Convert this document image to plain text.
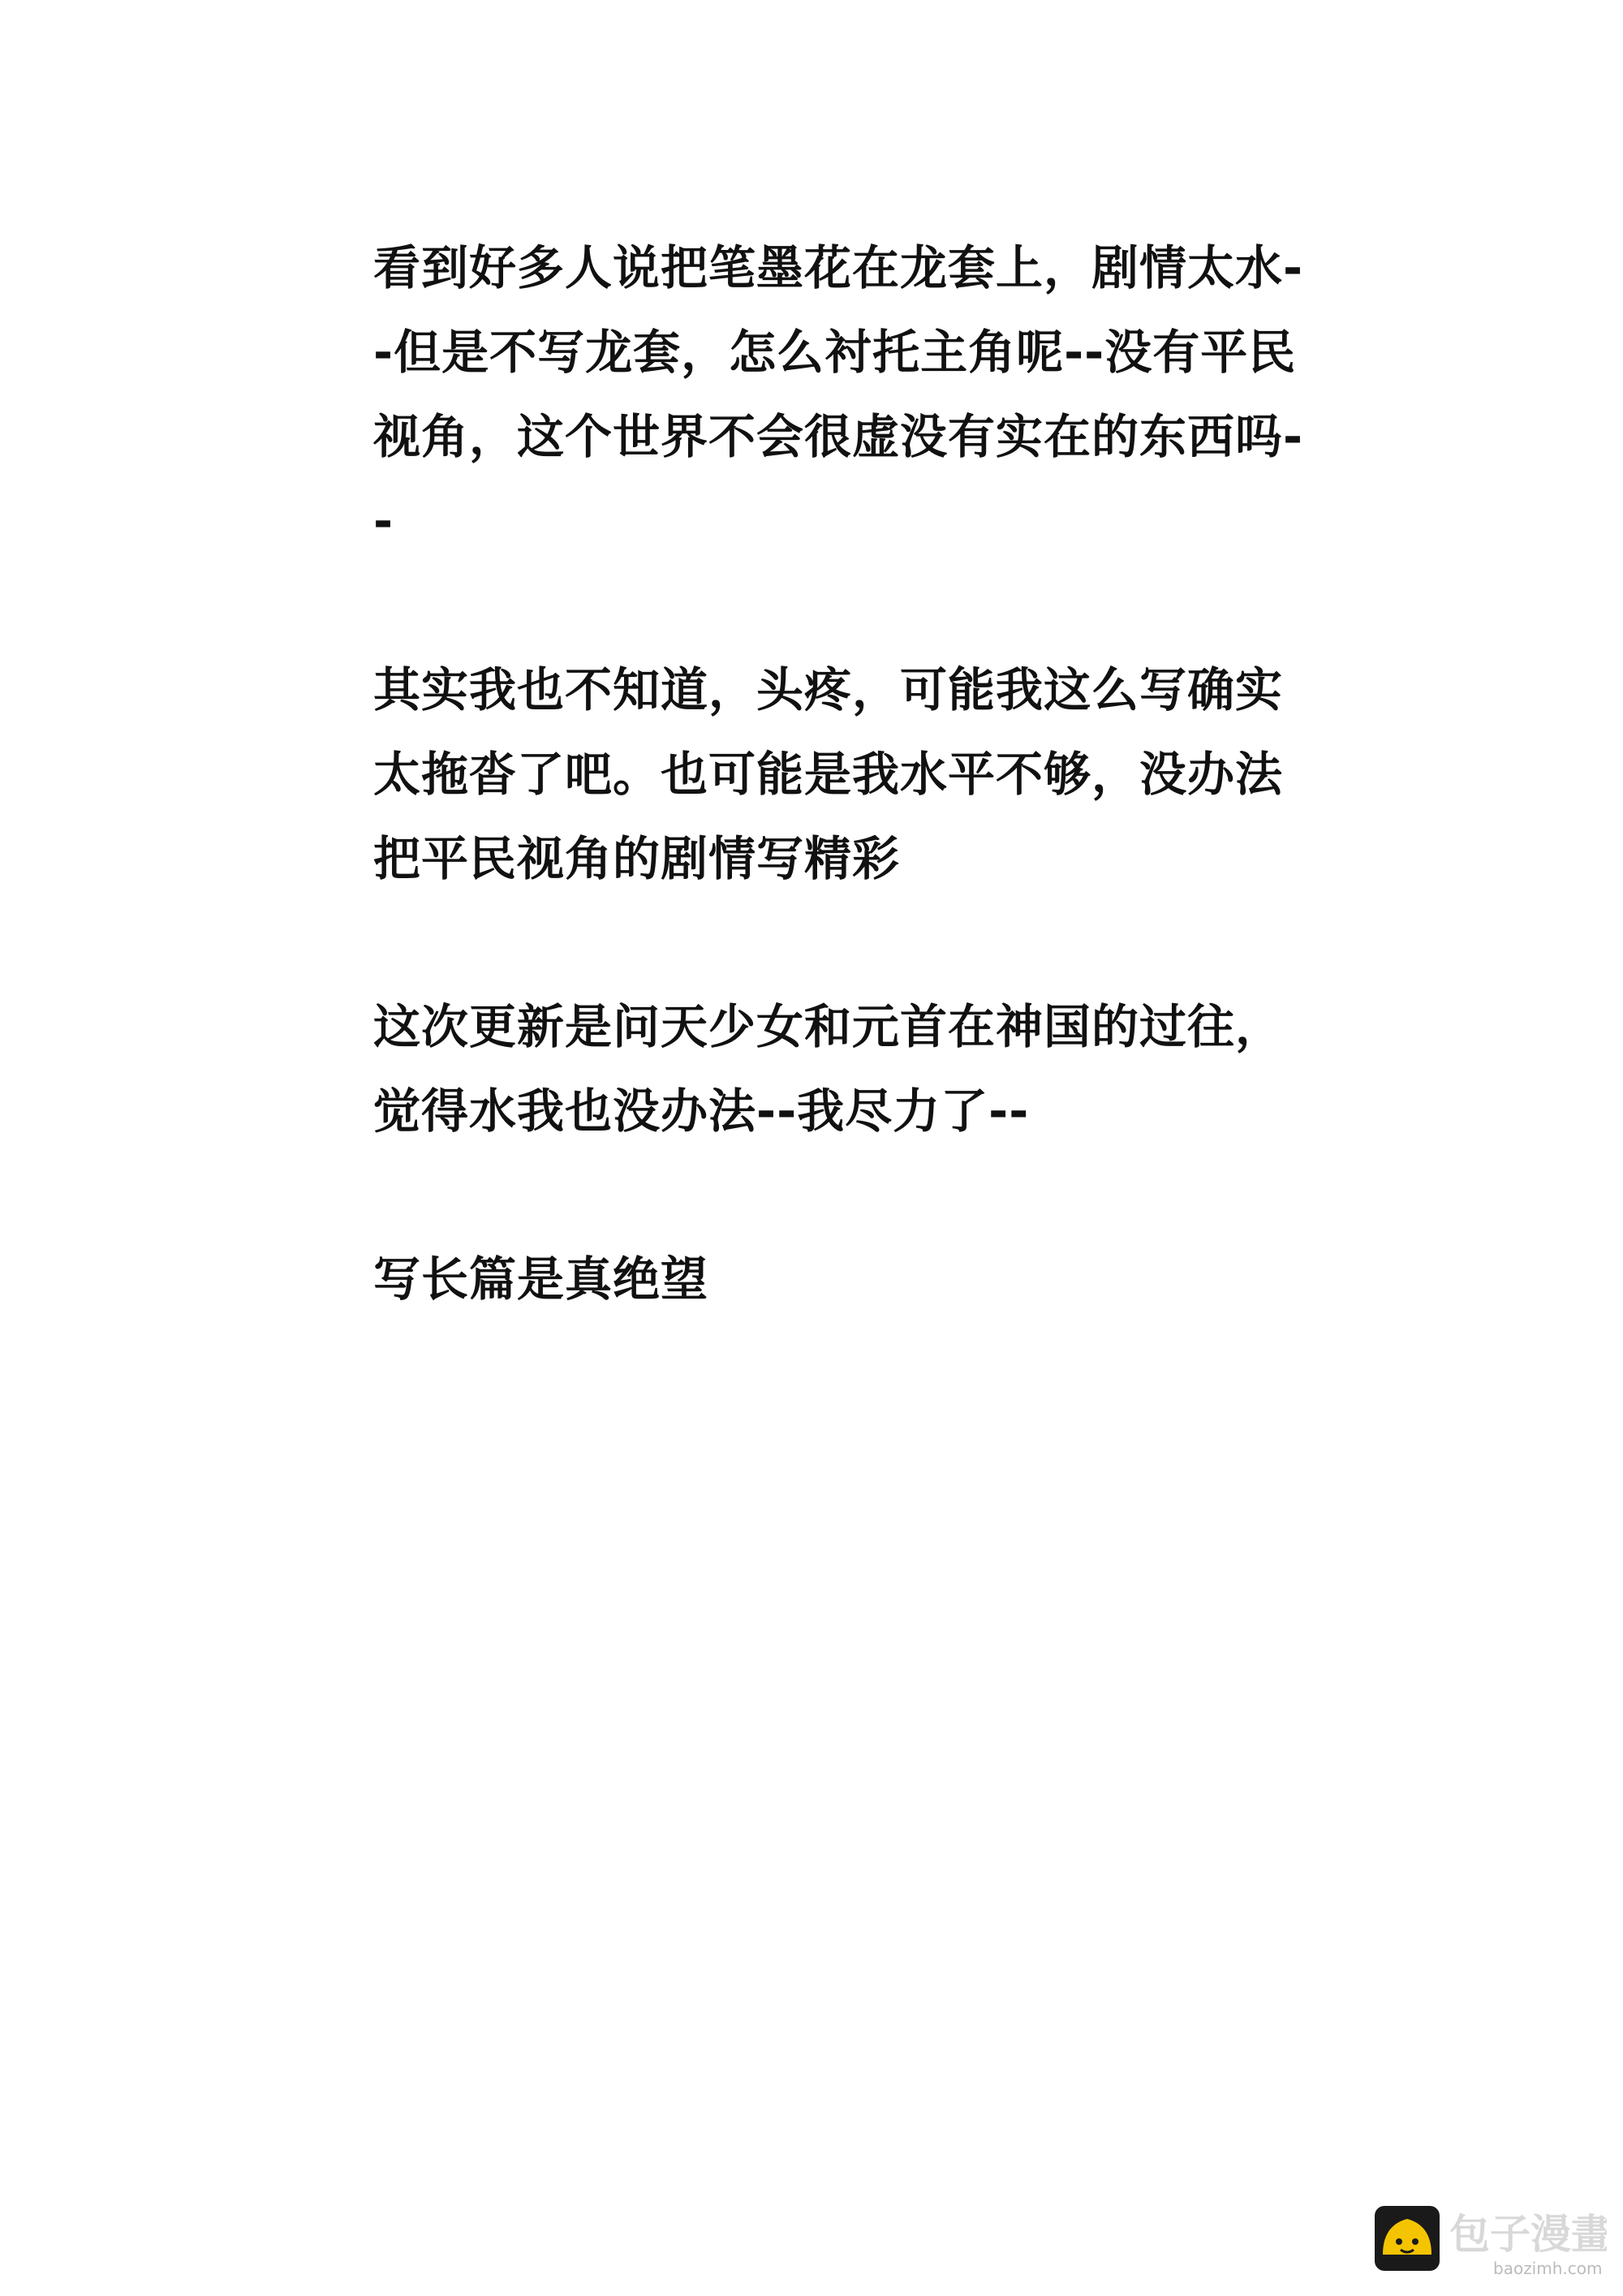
看到好多人说把笔墨花在龙套上，剧情太水--但是不写龙套，怎么衬托主角呢--没有平民视角，这个世界不会很虚没有实在的东西吗--

其实我也不知道，头疼，可能我这么写确实太拖沓了吧。也可能是我水平不够，没办法把平民视角的剧情写精彩

这次更新是问天少女和元首在神国的过往，觉得水我也没办法--我尽力了--

写长篇是真绝望

包子漫畫
baozimh.com
